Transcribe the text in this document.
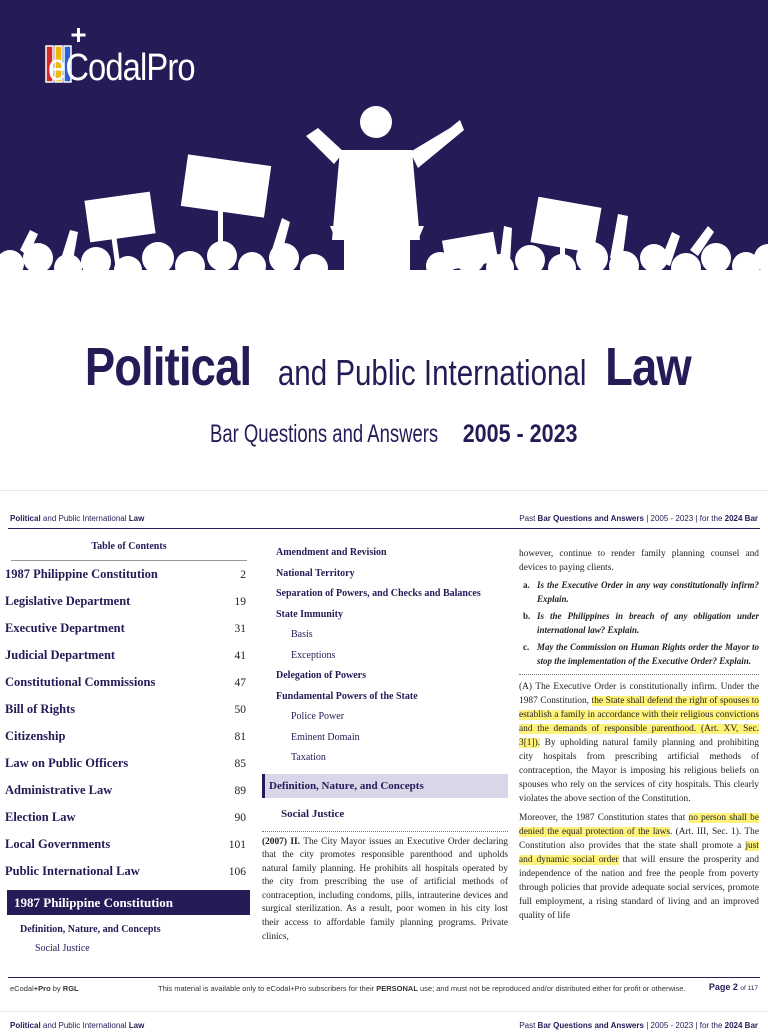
eCodalPro
Political and Public International Law
Bar Questions and Answers 2005 - 2023
Political and Public International Law	Past Bar Questions and Answers | 2005 - 2023 | for the 2024 Bar
Table of Contents
1987 Philippine Constitution	2
Legislative Department	19
Executive Department	31
Judicial Department	41
Constitutional Commissions	47
Bill of Rights	50
Citizenship	81
Law on Public Officers	85
Administrative Law	89
Election Law	90
Local Governments	101
Public International Law	106
1987 Philippine Constitution
Definition, Nature, and Concepts
Social Justice
Amendment and Revision
National Territory
Separation of Powers, and Checks and Balances
State Immunity
Basis
Exceptions
Delegation of Powers
Fundamental Powers of the State
Police Power
Eminent Domain
Taxation
Definition, Nature, and Concepts
Social Justice
(2007) II. The City Mayor issues an Executive Order declaring that the city promotes responsible parenthood and upholds natural family planning. He prohibits all hospitals operated by the city from prescribing the use of artificial methods of contraception, including condoms, pills, intrauterine devices and surgical sterilization. As a result, poor women in his city lost their access to affordable family planning programs. Private clinics,
however, continue to render family planning counsel and devices to paying clients.
a. Is the Executive Order in any way constitutionally infirm? Explain.
b. Is the Philippines in breach of any obligation under international law? Explain.
c. May the Commission on Human Rights order the Mayor to stop the implementation of the Executive Order? Explain.
(A) The Executive Order is constitutionally infirm. Under the 1987 Constitution, the State shall defend the right of spouses to establish a family in accordance with their religious convictions and the demands of responsible parenthood. (Art. XV, Sec. 3[1]). By upholding natural family planning and prohibiting city hospitals from prescribing artificial methods of contraception, the Mayor is imposing his religious beliefs on spouses who rely on the services of city hospitals. This clearly violates the above section of the Constitution.
Moreover, the 1987 Constitution states that no person shall be denied the equal protection of the laws. (Art. III, Sec. 1). The Constitution also provides that the state shall promote a just and dynamic social order that will ensure the prosperity and independence of the nation and free the people from poverty through policies that provide adequate social services, promote full employment, a rising standard of living and an improved quality of life
eCodal+Pro by RGL	This material is available only to eCodal+Pro subscribers for their PERSONAL use; and must not be reproduced and/or distributed either for profit or otherwise.	Page 2 of 117
Political and Public International Law	Past Bar Questions and Answers | 2005 - 2023 | for the 2024 Bar
